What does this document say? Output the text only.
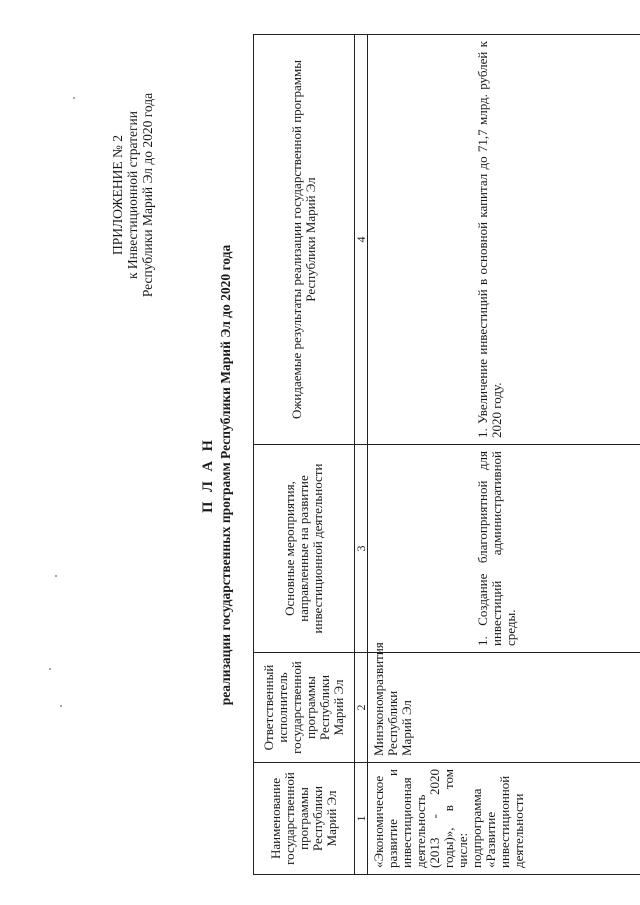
ПРИЛОЖЕНИЕ № 2 к Инвестиционной стратегии Республики Марий Эл до 2020 года
П Л А Н реализации государственных программ Республики Марий Эл до 2020 года
Наименование государственной программы Республики Марий Эл	Ответственный исполнитель государственной программы Республики Марий Эл	Основные мероприятия, направленные на развитие инвестиционной деятельности	Ожидаемые результаты реализации государственной программы Республики Марий Эл
1	2	3	4
«Экономическое развитие и инвестиционная деятельность (2013 - 2020 годы)», в том числе: подпрограмма «Развитие инвестиционной деятельности	Минэкономразвития Республики Марий Эл	1. Создание благоприятной для инвестиций административной среды.	1. Увеличение инвестиций в основной капитал до 71,7 млрд. рублей к 2020 году.
